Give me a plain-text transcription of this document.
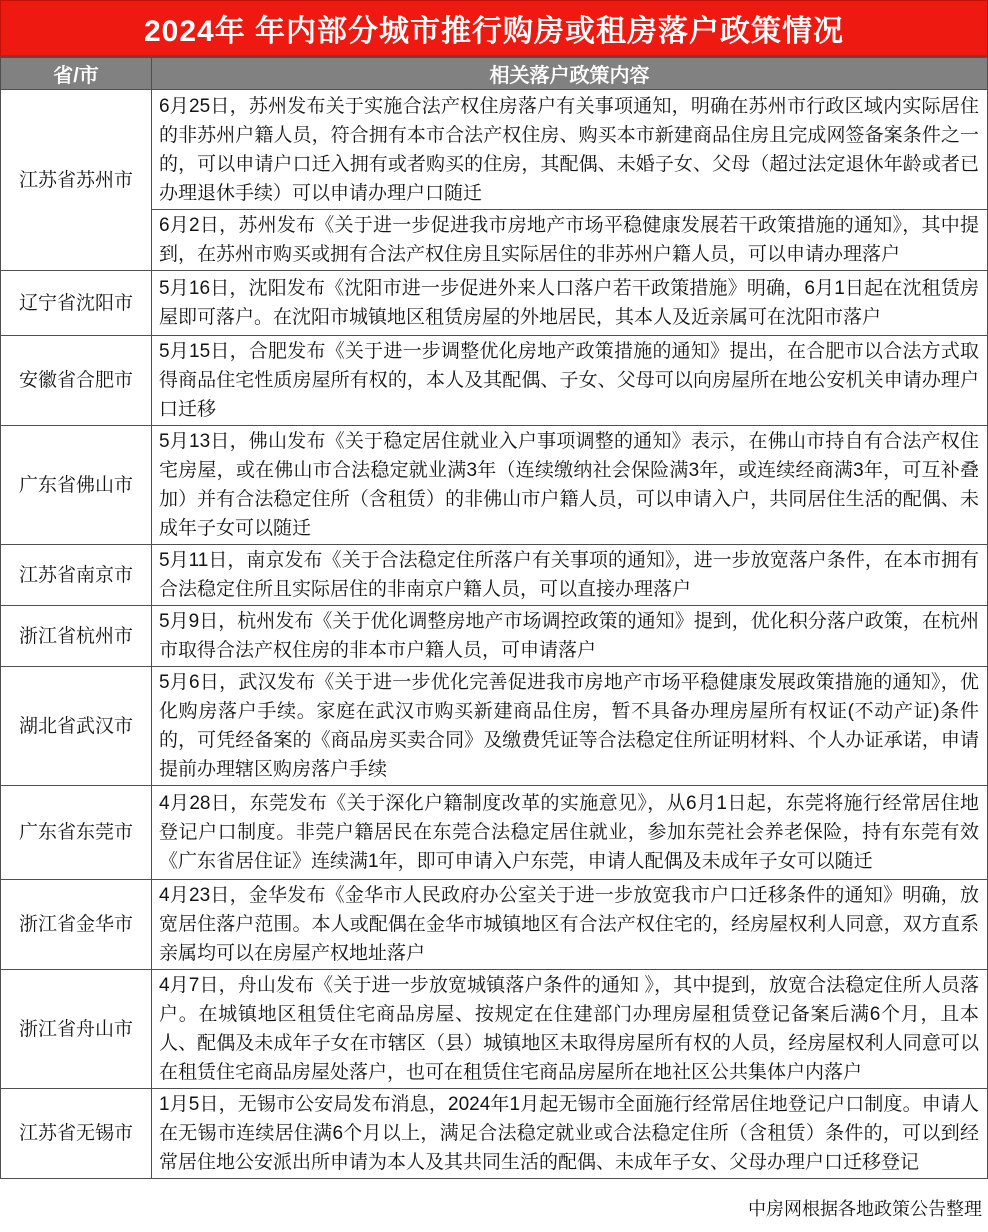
2024年 年内部分城市推行购房或租房落户政策情况
省/市	相关落户政策内容
江苏省苏州市	6月25日，苏州发布关于实施合法产权住房落户有关事项通知，明确在苏州市行政区域内实际居住的非苏州户籍人员，符合拥有本市合法产权住房、购买本市新建商品住房且完成网签备案条件之一的，可以申请户口迁入拥有或者购买的住房，其配偶、未婚子女、父母（超过法定退休年龄或者已办理退休手续）可以申请办理户口随迁
	6月2日，苏州发布《关于进一步促进我市房地产市场平稳健康发展若干政策措施的通知》，其中提到，在苏州市购买或拥有合法产权住房且实际居住的非苏州户籍人员，可以申请办理落户
辽宁省沈阳市	5月16日，沈阳发布《沈阳市进一步促进外来人口落户若干政策措施》明确，6月1日起在沈租赁房屋即可落户。在沈阳市城镇地区租赁房屋的外地居民，其本人及近亲属可在沈阳市落户
安徽省合肥市	5月15日，合肥发布《关于进一步调整优化房地产政策措施的通知》提出，在合肥市以合法方式取得商品住宅性质房屋所有权的，本人及其配偶、子女、父母可以向房屋所在地公安机关申请办理户口迁移
广东省佛山市	5月13日，佛山发布《关于稳定居住就业入户事项调整的通知》表示，在佛山市持自有合法产权住宅房屋，或在佛山市合法稳定就业满3年（连续缴纳社会保险满3年，或连续经商满3年，可互补叠加）并有合法稳定住所（含租赁）的非佛山市户籍人员，可以申请入户，共同居住生活的配偶、未成年子女可以随迁
江苏省南京市	5月11日，南京发布《关于合法稳定住所落户有关事项的通知》，进一步放宽落户条件，在本市拥有合法稳定住所且实际居住的非南京户籍人员，可以直接办理落户
浙江省杭州市	5月9日，杭州发布《关于优化调整房地产市场调控政策的通知》提到，优化积分落户政策，在杭州市取得合法产权住房的非本市户籍人员，可申请落户
湖北省武汉市	5月6日，武汉发布《关于进一步优化完善促进我市房地产市场平稳健康发展政策措施的通知》，优化购房落户手续。家庭在武汉市购买新建商品住房，暂不具备办理房屋所有权证(不动产证)条件的，可凭经备案的《商品房买卖合同》及缴费凭证等合法稳定住所证明材料、个人办证承诺，申请提前办理辖区购房落户手续
广东省东莞市	4月28日，东莞发布《关于深化户籍制度改革的实施意见》，从6月1日起，东莞将施行经常居住地登记户口制度。非莞户籍居民在东莞合法稳定居住就业，参加东莞社会养老保险，持有东莞有效《广东省居住证》连续满1年，即可申请入户东莞，申请人配偶及未成年子女可以随迁
浙江省金华市	4月23日，金华发布《金华市人民政府办公室关于进一步放宽我市户口迁移条件的通知》明确，放宽居住落户范围。本人或配偶在金华市城镇地区有合法产权住宅的，经房屋权利人同意，双方直系亲属均可以在房屋产权地址落户
浙江省舟山市	4月7日，舟山发布《关于进一步放宽城镇落户条件的通知 》，其中提到，放宽合法稳定住所人员落户。在城镇地区租赁住宅商品房屋、按规定在住建部门办理房屋租赁登记备案后满6个月，且本人、配偶及未成年子女在市辖区（县）城镇地区未取得房屋所有权的人员，经房屋权利人同意可以在租赁住宅商品房屋处落户，也可在租赁住宅商品房屋所在地社区公共集体户内落户
江苏省无锡市	1月5日，无锡市公安局发布消息，2024年1月起无锡市全面施行经常居住地登记户口制度。申请人在无锡市连续居住满6个月以上，满足合法稳定就业或合法稳定住所（含租赁）条件的，可以到经常居住地公安派出所申请为本人及其共同生活的配偶、未成年子女、父母办理户口迁移登记
中房网根据各地政策公告整理
